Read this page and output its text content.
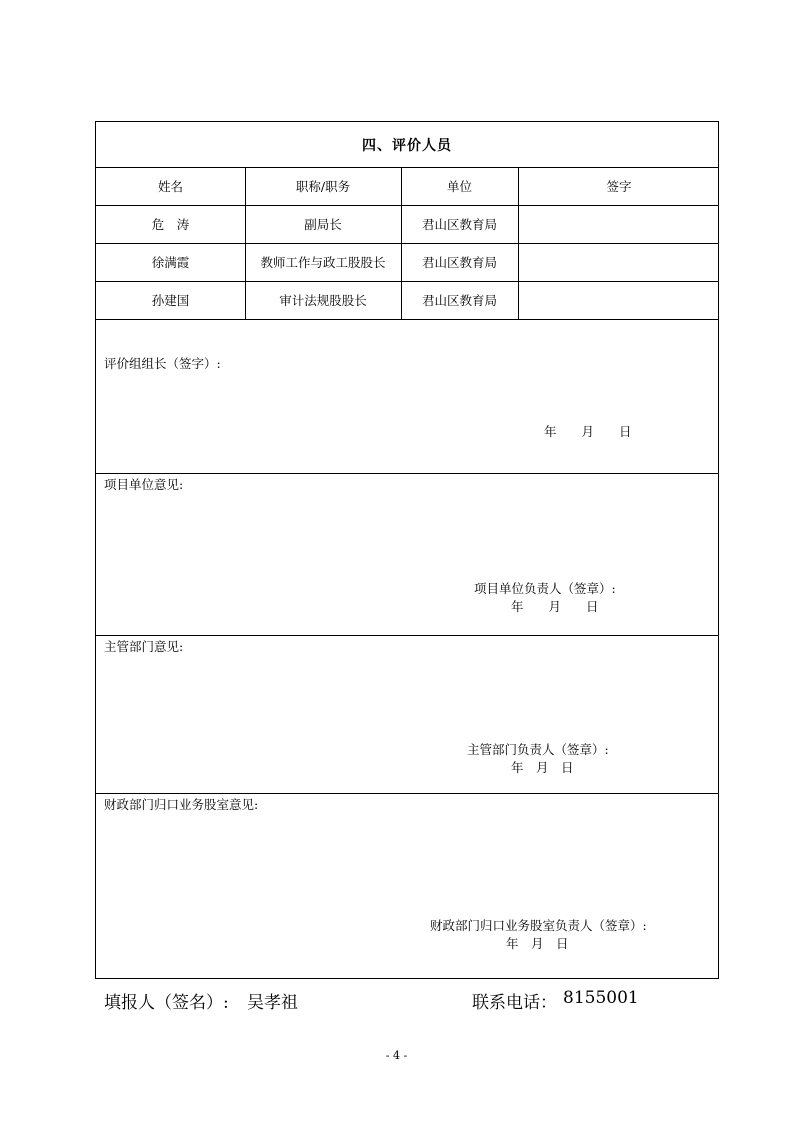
四、评价人员
姓名	职称/职务	单位	签字
危　涛	副局长	君山区教育局
徐满霞	教师工作与政工股股长	君山区教育局
孙建国	审计法规股股长	君山区教育局
评价组组长（签字）:
年　　月　　日
项目单位意见:
项目单位负责人（签章）:
年　　月　　日
主管部门意见:
主管部门负责人（签章）:
年　月　日
财政部门归口业务股室意见:
财政部门归口业务股室负责人（签章）:
年　月　日
填报人（签名）: 吴孝祖	联系电话： 8155001
- 4 -
